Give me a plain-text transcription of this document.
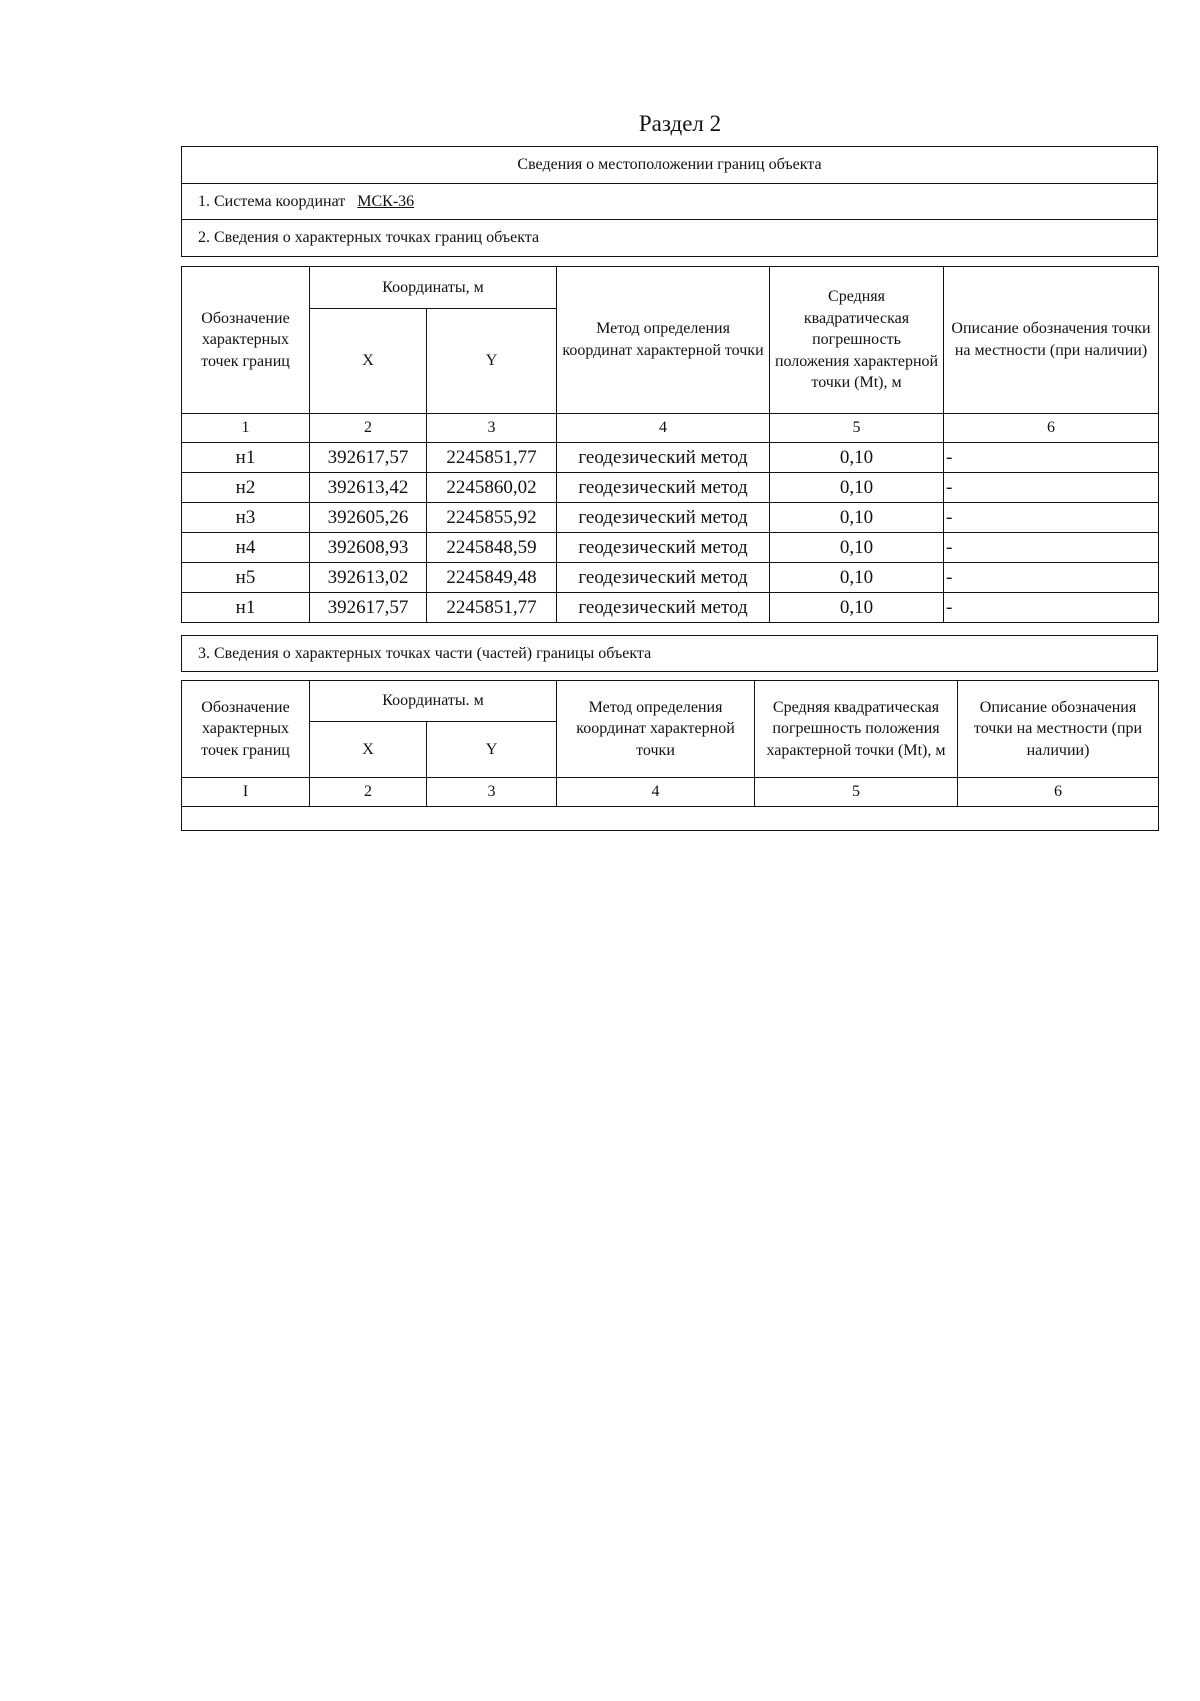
Раздел 2
Сведения о местоположении границ объекта
1. Система координат МСК-36
2. Сведения о характерных точках границ объекта
Обозначение характерных точек границ	Координаты, м		Метод определения координат характерной точки	Средняя квадратическая погрешность положения характерной точки (Mt), м	Описание обозначения точки на местности (при наличии)
	X	Y			
1	2	3	4	5	6
н1	392617,57	2245851,77	геодезический метод	0,10	-
н2	392613,42	2245860,02	геодезический метод	0,10	-
н3	392605,26	2245855,92	геодезический метод	0,10	-
н4	392608,93	2245848,59	геодезический метод	0,10	-
н5	392613,02	2245849,48	геодезический метод	0,10	-
н1	392617,57	2245851,77	геодезический метод	0,10	-
3. Сведения о характерных точках части (частей) границы объекта
Обозначение характерных точек границ	Координаты. м		Метод определения координат характерной точки	Средняя квадратическая погрешность положения характерной точки (Mt), м	Описание обозначения точки на местности (при наличии)
	X	Y			
I	2	3	4	5	6
